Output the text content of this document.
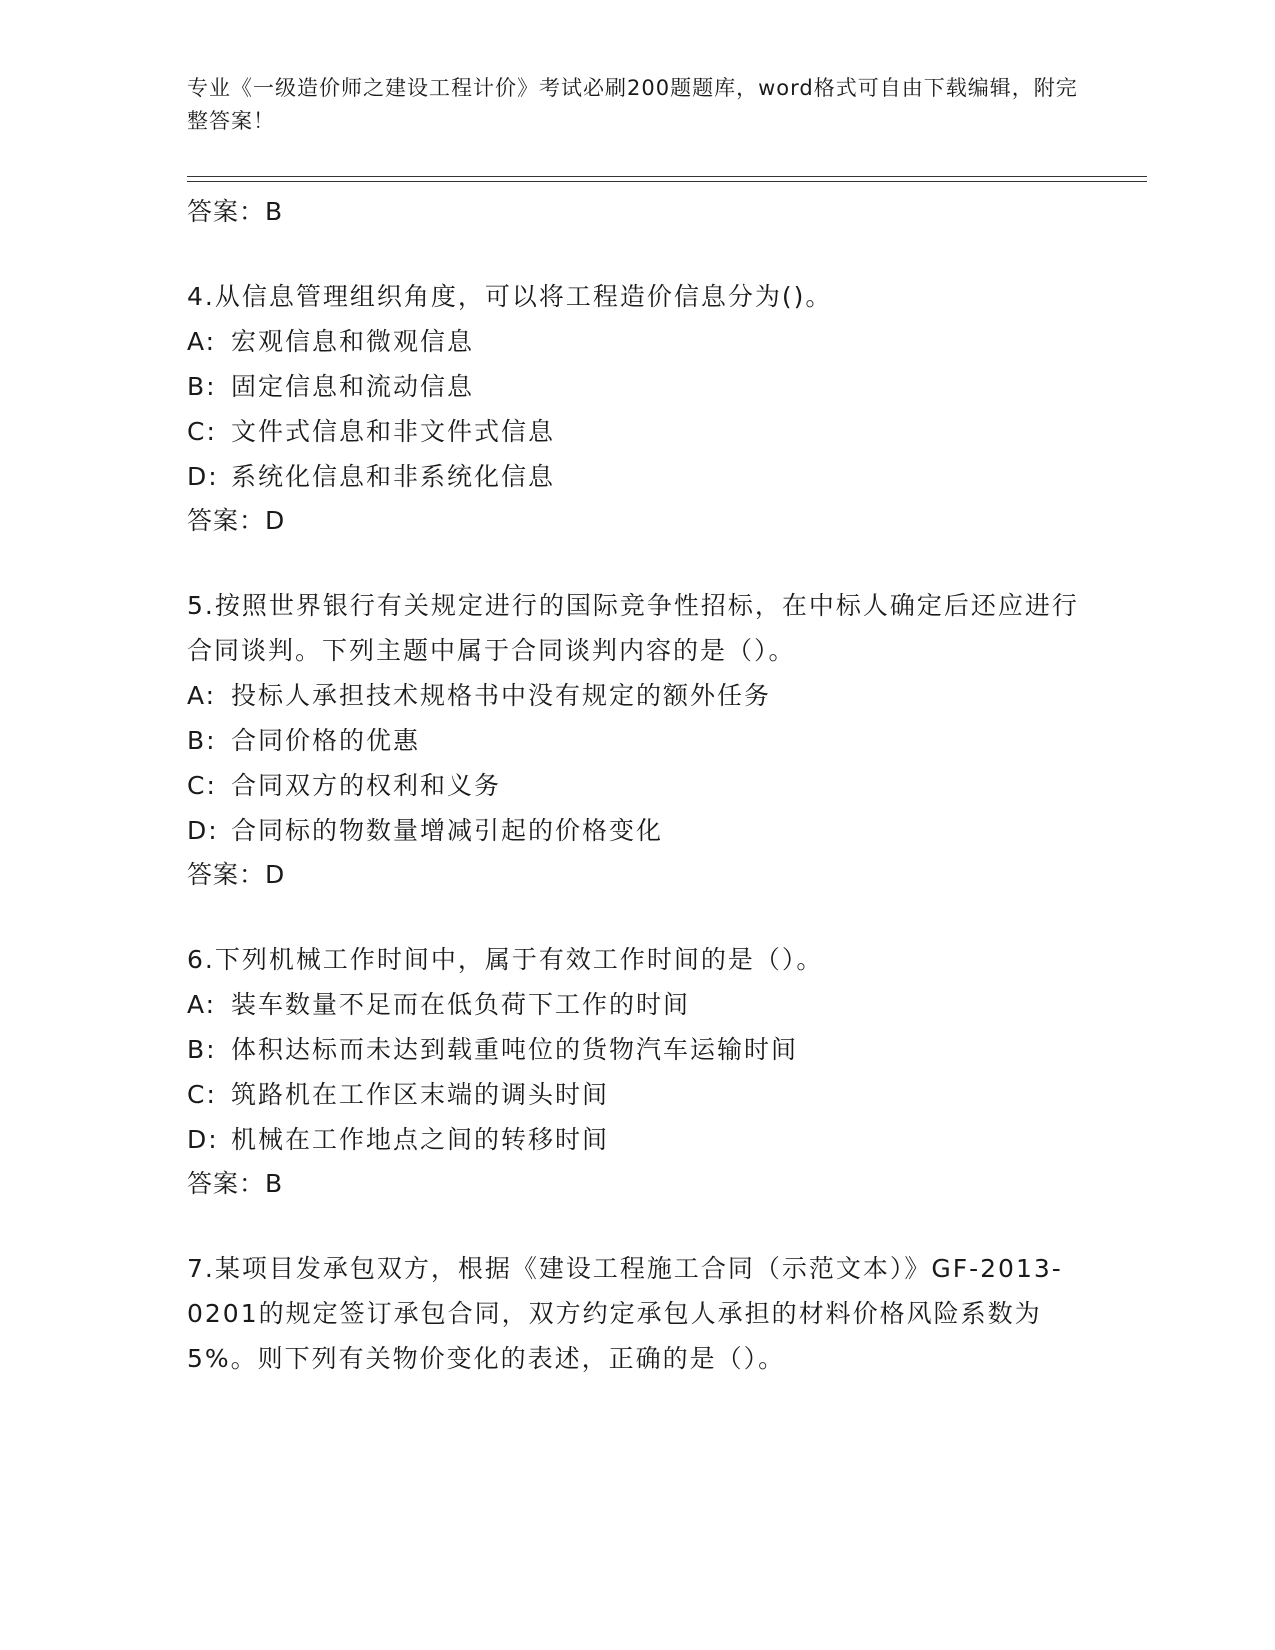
专业《一级造价师之建设工程计价》考试必刷200题题库，word格式可自由下载编辑，附完整答案！

答案：B

4.从信息管理组织角度，可以将工程造价信息分为()。

A: 宏观信息和微观信息

B: 固定信息和流动信息

C: 文件式信息和非文件式信息

D: 系统化信息和非系统化信息

答案：D

5.按照世界银行有关规定进行的国际竞争性招标，在中标人确定后还应进行合同谈判。下列主题中属于合同谈判内容的是（）。

A: 投标人承担技术规格书中没有规定的额外任务

B: 合同价格的优惠

C: 合同双方的权利和义务

D: 合同标的物数量增减引起的价格变化

答案：D

6.下列机械工作时间中，属于有效工作时间的是（）。

A: 装车数量不足而在低负荷下工作的时间

B: 体积达标而未达到载重吨位的货物汽车运输时间

C: 筑路机在工作区末端的调头时间

D: 机械在工作地点之间的转移时间

答案：B

7.某项目发承包双方，根据《建设工程施工合同（示范文本）》GF-2013-0201的规定签订承包合同，双方约定承包人承担的材料价格风险系数为5%。则下列有关物价变化的表述，正确的是（）。
